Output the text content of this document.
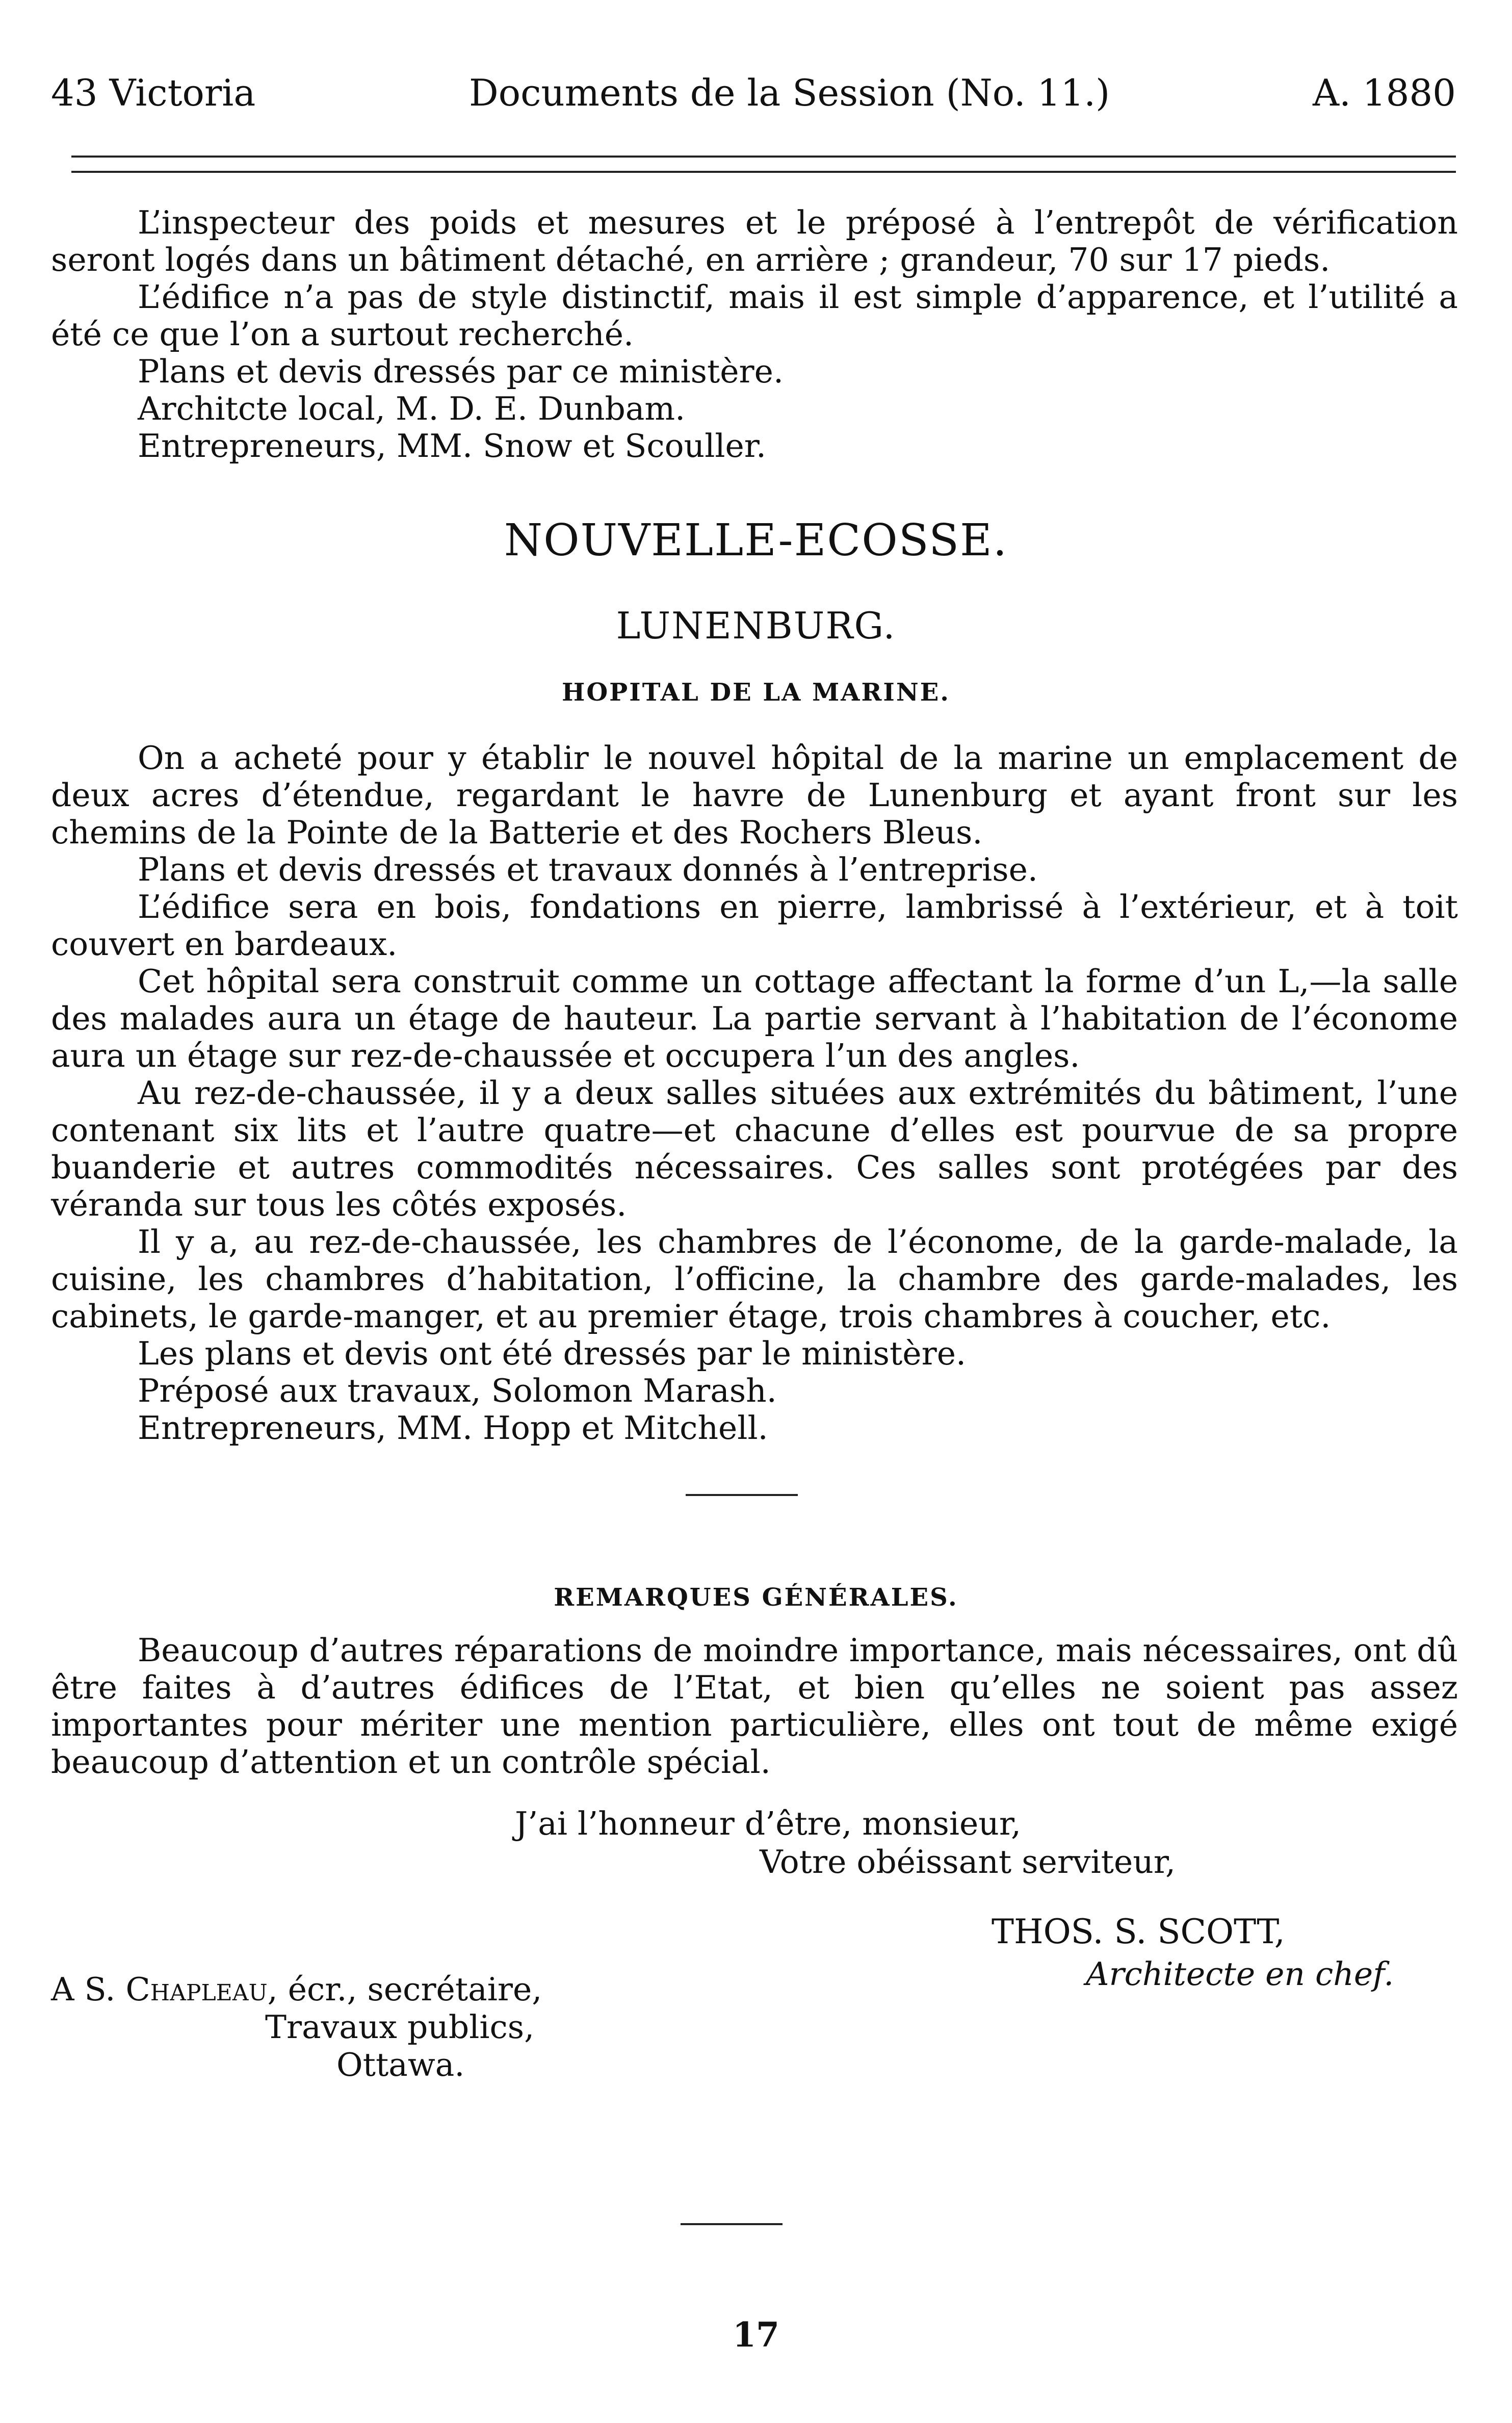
43 Victoria	Documents de la Session (No. 11.)	A. 1880

L’inspecteur des poids et mesures et le préposé à l’entrepôt de vérification seront logés dans un bâtiment détaché, en arrière ; grandeur, 70 sur 17 pieds.

L’édifice n’a pas de style distinctif, mais il est simple d’apparence, et l’utilité a été ce que l’on a surtout recherché.

Plans et devis dressés par ce ministère.

Architcte local, M. D. E. Dunbam.

Entrepreneurs, MM. Snow et Scouller.

NOUVELLE-ECOSSE.
LUNENBURG.
HOPITAL DE LA MARINE.

On a acheté pour y établir le nouvel hôpital de la marine un emplacement de deux acres d’étendue, regardant le havre de Lunenburg et ayant front sur les chemins de la Pointe de la Batterie et des Rochers Bleus.

Plans et devis dressés et travaux donnés à l’entreprise.

L’édifice sera en bois, fondations en pierre, lambrissé à l’extérieur, et à toit couvert en bardeaux.

Cet hôpital sera construit comme un cottage affectant la forme d’un L,—la salle des malades aura un étage de hauteur. La partie servant à l’habitation de l’économe aura un étage sur rez-de-chaussée et occupera l’un des angles.

Au rez-de-chaussée, il y a deux salles situées aux extrémités du bâtiment, l’une contenant six lits et l’autre quatre—et chacune d’elles est pourvue de sa propre buanderie et autres commodités nécessaires. Ces salles sont protégées par des véranda sur tous les côtés exposés.

Il y a, au rez-de-chaussée, les chambres de l’économe, de la garde-malade, la cuisine, les chambres d’habitation, l’officine, la chambre des garde-malades, les cabinets, le garde-manger, et au premier étage, trois chambres à coucher, etc.

Les plans et devis ont été dressés par le ministère.

Préposé aux travaux, Solomon Marash.

Entrepreneurs, MM. Hopp et Mitchell.

REMARQUES GÉNÉRALES.

Beaucoup d’autres réparations de moindre importance, mais nécessaires, ont dû être faites à d’autres édifices de l’Etat, et bien qu’elles ne soient pas assez importantes pour mériter une mention particulière, elles ont tout de même exigé beaucoup d’attention et un contrôle spécial.

J’ai l’honneur d’être, monsieur,
Votre obéissant serviteur,
THOS. S. SCOTT,
Architecte en chef.
A S. Chapleau, écr., secrétaire,
Travaux publics,
Ottawa.
17
